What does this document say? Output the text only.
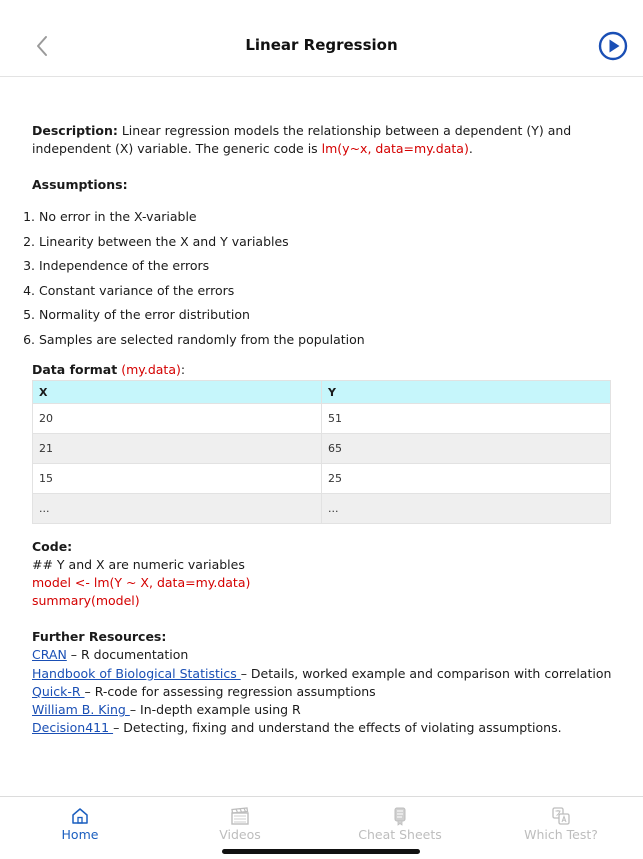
Linear Regression

Description: Linear regression models the relationship between a dependent (Y) and independent (X) variable. The generic code is lm(y~x, data=my.data).

Assumptions:

1. No error in the X-variable
2. Linearity between the X and Y variables
3. Independence of the errors
4. Constant variance of the errors
5. Normality of the error distribution
6. Samples are selected randomly from the population
Data format (my.data):
X	Y
20	51
21	65
15	25
...	...
Code:
## Y and X are numeric variables
model <- lm(Y ~ X, data=my.data)
summary(model)
Further Resources:
CRAN – R documentation
Handbook of Biological Statistics – Details, worked example and comparison with correlation
Quick-R – R-code for assessing regression assumptions
William B. King – In-depth example using R
Decision411 – Detecting, fixing and understand the effects of violating assumptions.
Home	Videos	Cheat Sheets	Which Test?
